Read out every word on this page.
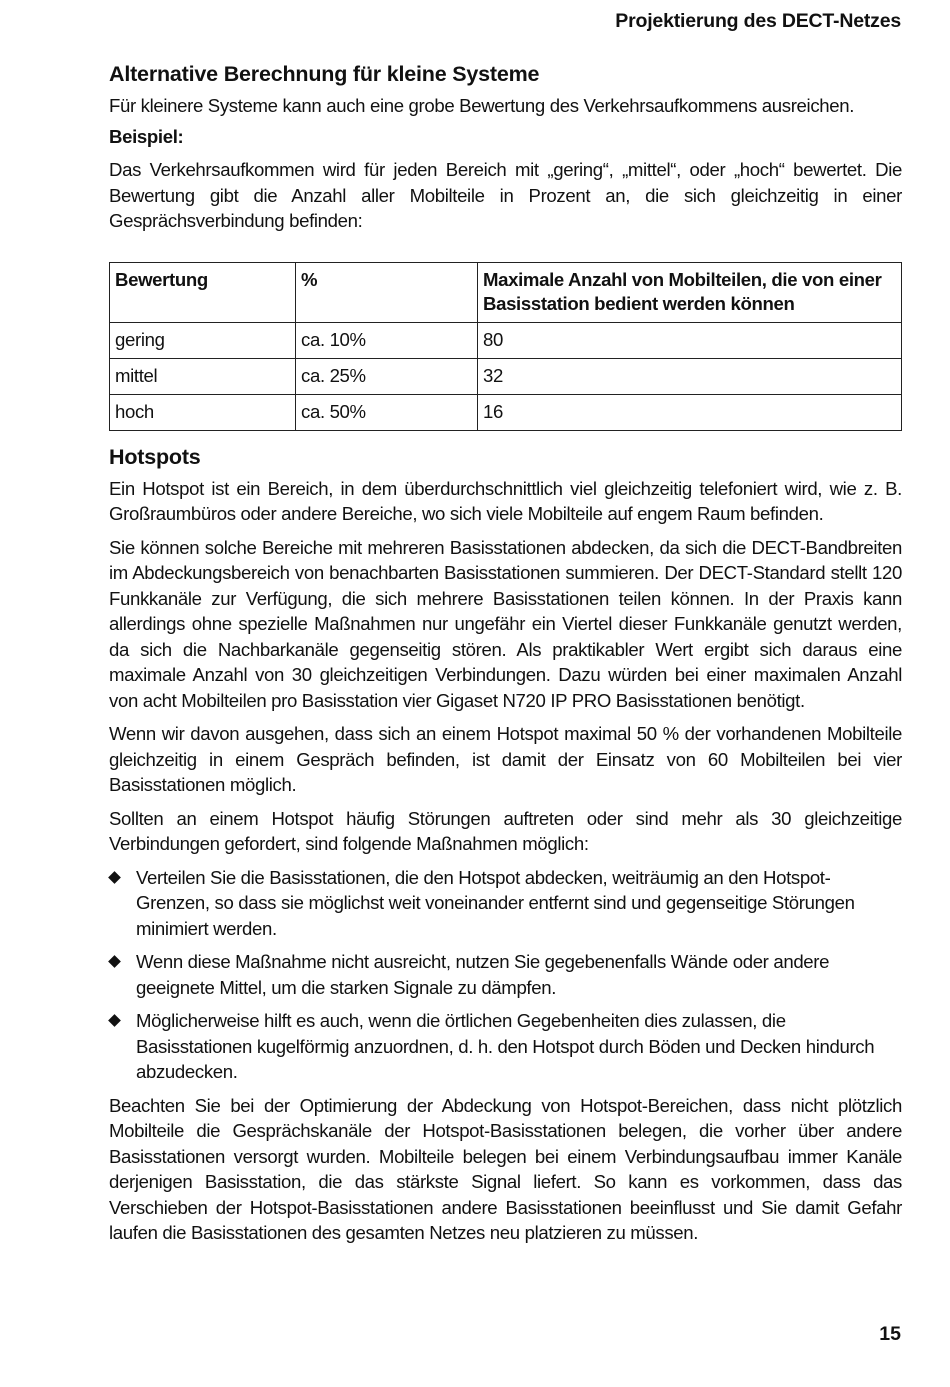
Projektierung des DECT-Netzes
Alternative Berechnung für kleine Systeme

Für kleinere Systeme kann auch eine grobe Bewertung des Verkehrsaufkommens ausreichen.

Beispiel:

Das Verkehrsaufkommen wird für jeden Bereich mit „gering“, „mittel“, oder „hoch“ bewertet. Die Bewertung gibt die Anzahl aller Mobilteile in Prozent an, die sich gleichzeitig in einer Gesprächsverbindung befinden:

Bewertung	%	Maximale Anzahl von Mobilteilen, die von einer Basisstation bedient werden können
gering	ca. 10%	80
mittel	ca. 25%	32
hoch	ca. 50%	16
Hotspots

Ein Hotspot ist ein Bereich, in dem überdurchschnittlich viel gleichzeitig telefoniert wird, wie z. B. Großraumbüros oder andere Bereiche, wo sich viele Mobilteile auf engem Raum befinden.

Sie können solche Bereiche mit mehreren Basisstationen abdecken, da sich die DECT-Bandbreiten im Abdeckungsbereich von benachbarten Basisstationen summieren. Der DECT-Standard stellt 120 Funkkanäle zur Verfügung, die sich mehrere Basisstationen teilen können. In der Praxis kann allerdings ohne spezielle Maßnahmen nur ungefähr ein Viertel dieser Funkkanäle genutzt werden, da sich die Nachbarkanäle gegenseitig stören. Als praktikabler Wert ergibt sich daraus eine maximale Anzahl von 30 gleichzeitigen Verbindungen. Dazu würden bei einer maximalen Anzahl von acht Mobilteilen pro Basisstation vier Gigaset N720 IP PRO Basisstationen benötigt.

Wenn wir davon ausgehen, dass sich an einem Hotspot maximal 50 % der vorhandenen Mobilteile gleichzeitig in einem Gespräch befinden, ist damit der Einsatz von 60 Mobilteilen bei vier Basisstationen möglich.

Sollten an einem Hotspot häufig Störungen auftreten oder sind mehr als 30 gleichzeitige Verbindungen gefordert, sind folgende Maßnahmen möglich:

Verteilen Sie die Basisstationen, die den Hotspot abdecken, weiträumig an den Hotspot-Grenzen, so dass sie möglichst weit voneinander entfernt sind und gegenseitige Störungen minimiert werden.
Wenn diese Maßnahme nicht ausreicht, nutzen Sie gegebenenfalls Wände oder andere geeignete Mittel, um die starken Signale zu dämpfen.
Möglicherweise hilft es auch, wenn die örtlichen Gegebenheiten dies zulassen, die Basisstationen kugelförmig anzuordnen, d. h. den Hotspot durch Böden und Decken hindurch abzudecken.

Beachten Sie bei der Optimierung der Abdeckung von Hotspot-Bereichen, dass nicht plötzlich Mobilteile die Gesprächskanäle der Hotspot-Basisstationen belegen, die vorher über andere Basisstationen versorgt wurden. Mobilteile belegen bei einem Verbindungsaufbau immer Kanäle derjenigen Basisstation, die das stärkste Signal liefert. So kann es vorkommen, dass das Verschieben der Hotspot-Basisstationen andere Basisstationen beeinflusst und Sie damit Gefahr laufen die Basisstationen des gesamten Netzes neu platzieren zu müssen.

15
